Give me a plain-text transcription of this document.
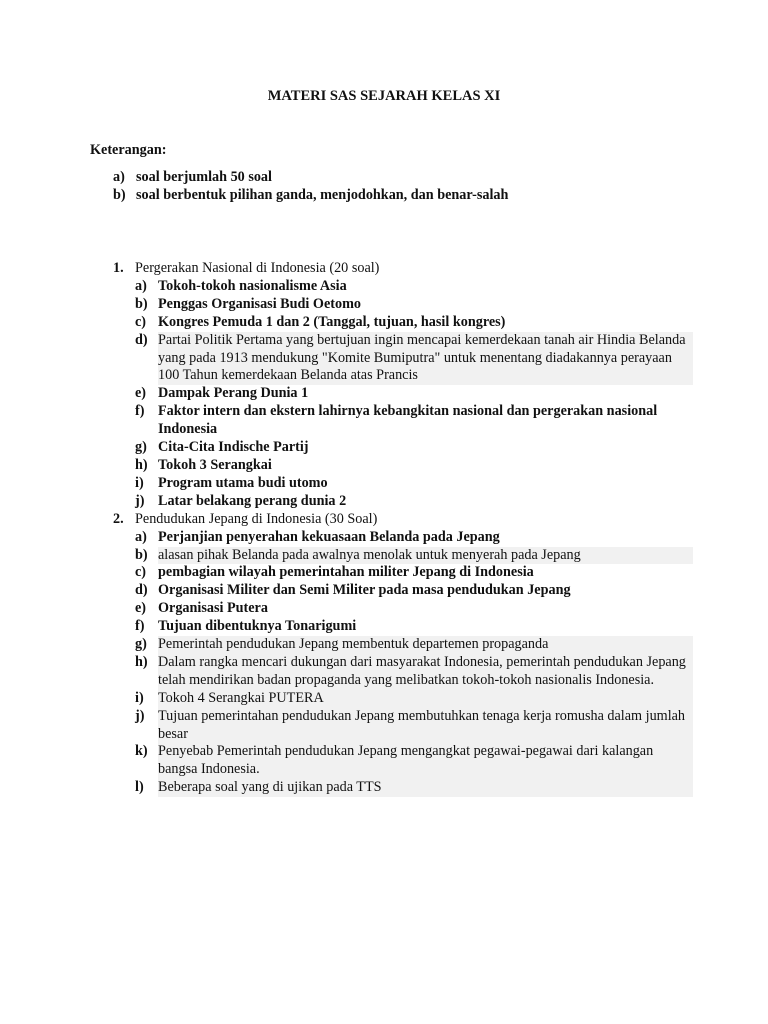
MATERI SAS SEJARAH KELAS XI
Keterangan:
a) soal berjumlah 50 soal
b) soal berbentuk pilihan ganda, menjodohkan, dan benar-salah
1. Pergerakan Nasional di Indonesia (20 soal)
a) Tokoh-tokoh nasionalisme Asia
b) Penggas Organisasi Budi Oetomo
c) Kongres Pemuda 1 dan 2 (Tanggal, tujuan, hasil kongres)
d) Partai Politik Pertama yang bertujuan ingin mencapai kemerdekaan tanah air Hindia Belanda yang pada 1913 mendukung "Komite Bumiputra" untuk menentang diadakannya perayaan 100 Tahun kemerdekaan Belanda atas Prancis
e) Dampak Perang Dunia 1
f) Faktor intern dan ekstern lahirnya kebangkitan nasional dan pergerakan nasional Indonesia
g) Cita-Cita Indische Partij
h) Tokoh 3 Serangkai
i)	Program utama budi utomo
j) Latar belakang perang dunia 2
2. Pendudukan Jepang di Indonesia (30 Soal)
a) Perjanjian penyerahan kekuasaan Belanda pada Jepang
b) alasan pihak Belanda pada awalnya menolak untuk menyerah pada Jepang
c) pembagian wilayah pemerintahan militer Jepang di Indonesia
d) Organisasi Militer dan Semi Militer pada masa pendudukan Jepang
e) Organisasi Putera
f) Tujuan dibentuknya Tonarigumi
g) Pemerintah pendudukan Jepang membentuk departemen propaganda
h) Dalam rangka mencari dukungan dari masyarakat Indonesia, pemerintah pendudukan Jepang telah mendirikan badan propaganda yang melibatkan tokoh-tokoh nasionalis Indonesia.
i)	Tokoh 4 Serangkai PUTERA
j) Tujuan pemerintahan pendudukan Jepang membutuhkan tenaga kerja romusha dalam jumlah besar
k) Penyebab Pemerintah pendudukan Jepang mengangkat pegawai-pegawai dari kalangan bangsa Indonesia.
l)	Beberapa soal yang di ujikan pada TTS
